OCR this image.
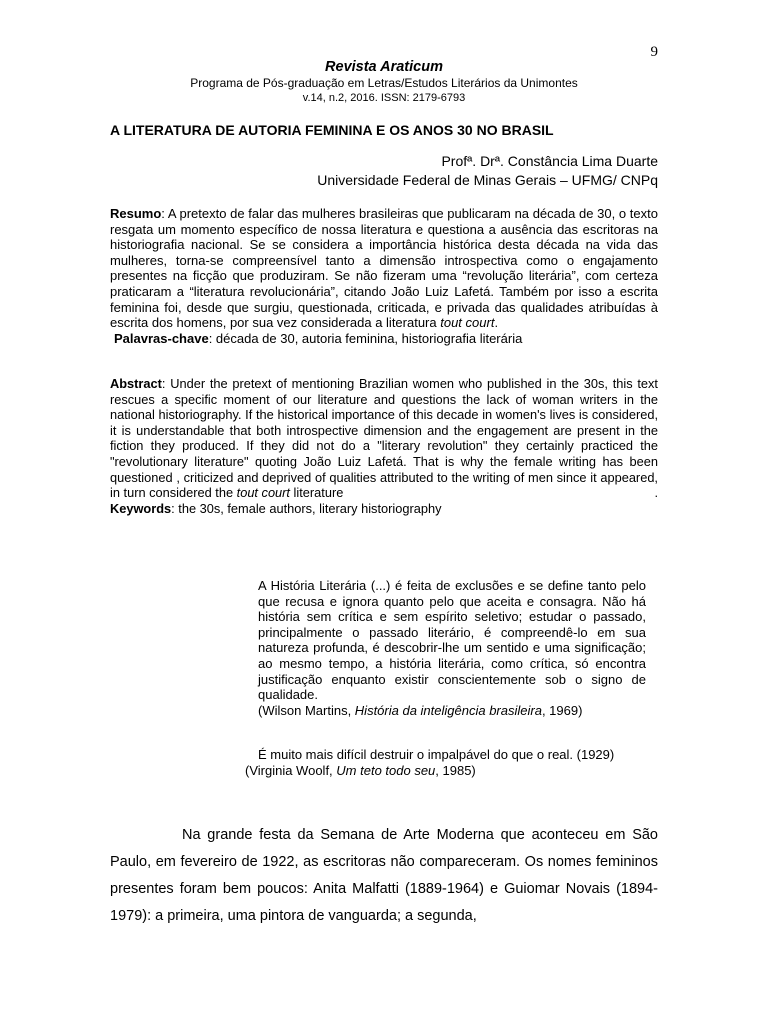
9
Revista Araticum
Programa de Pós-graduação em Letras/Estudos Literários da Unimontes
v.14, n.2, 2016. ISSN: 2179-6793
A LITERATURA DE AUTORIA FEMININA E OS ANOS 30 NO BRASIL
Profª. Drª. Constância Lima Duarte
Universidade Federal de Minas Gerais – UFMG/ CNPq
Resumo: A pretexto de falar das mulheres brasileiras que publicaram na década de 30, o texto resgata um momento específico de nossa literatura e questiona a ausência das escritoras na historiografia nacional. Se se considera a importância histórica desta década na vida das mulheres, torna-se compreensível tanto a dimensão introspectiva como o engajamento presentes na ficção que produziram. Se não fizeram uma “revolução literária”, com certeza praticaram a “literatura revolucionária”, citando João Luiz Lafetá. Também por isso a escrita feminina foi, desde que surgiu, questionada, criticada, e privada das qualidades atribuídas à escrita dos homens, por sua vez considerada a literatura tout court.
Palavras-chave: década de 30, autoria feminina, historiografia literária
Abstract: Under the pretext of mentioning Brazilian women who published in the 30s, this text rescues a specific moment of our literature and questions the lack of woman writers in the national historiography. If the historical importance of this decade in women's lives is considered, it is understandable that both introspective dimension and the engagement are present in the fiction they produced. If they did not do a "literary revolution" they certainly practiced the "revolutionary literature" quoting João Luiz Lafetá. That is why the female writing has been questioned , criticized and deprived of qualities attributed to the writing of men since it appeared, in turn considered the tout court literature	.
Keywords: the 30s, female authors, literary historiography
A História Literária (...) é feita de exclusões e se define tanto pelo que recusa e ignora quanto pelo que aceita e consagra. Não há história sem crítica e sem espírito seletivo; estudar o passado, principalmente o passado literário, é compreendê-lo em sua natureza profunda, é descobrir-lhe um sentido e uma significação; ao mesmo tempo, a história literária, como crítica, só encontra justificação enquanto existir conscientemente sob o signo de qualidade.
(Wilson Martins, História da inteligência brasileira, 1969)
É muito mais difícil destruir o impalpável do que o real. (1929)
(Virginia Woolf, Um teto todo seu, 1985)
Na grande festa da Semana de Arte Moderna que aconteceu em São Paulo, em fevereiro de 1922, as escritoras não compareceram. Os nomes femininos presentes foram bem poucos: Anita Malfatti (1889-1964) e Guiomar Novais (1894-1979): a primeira, uma pintora de vanguarda; a segunda,
